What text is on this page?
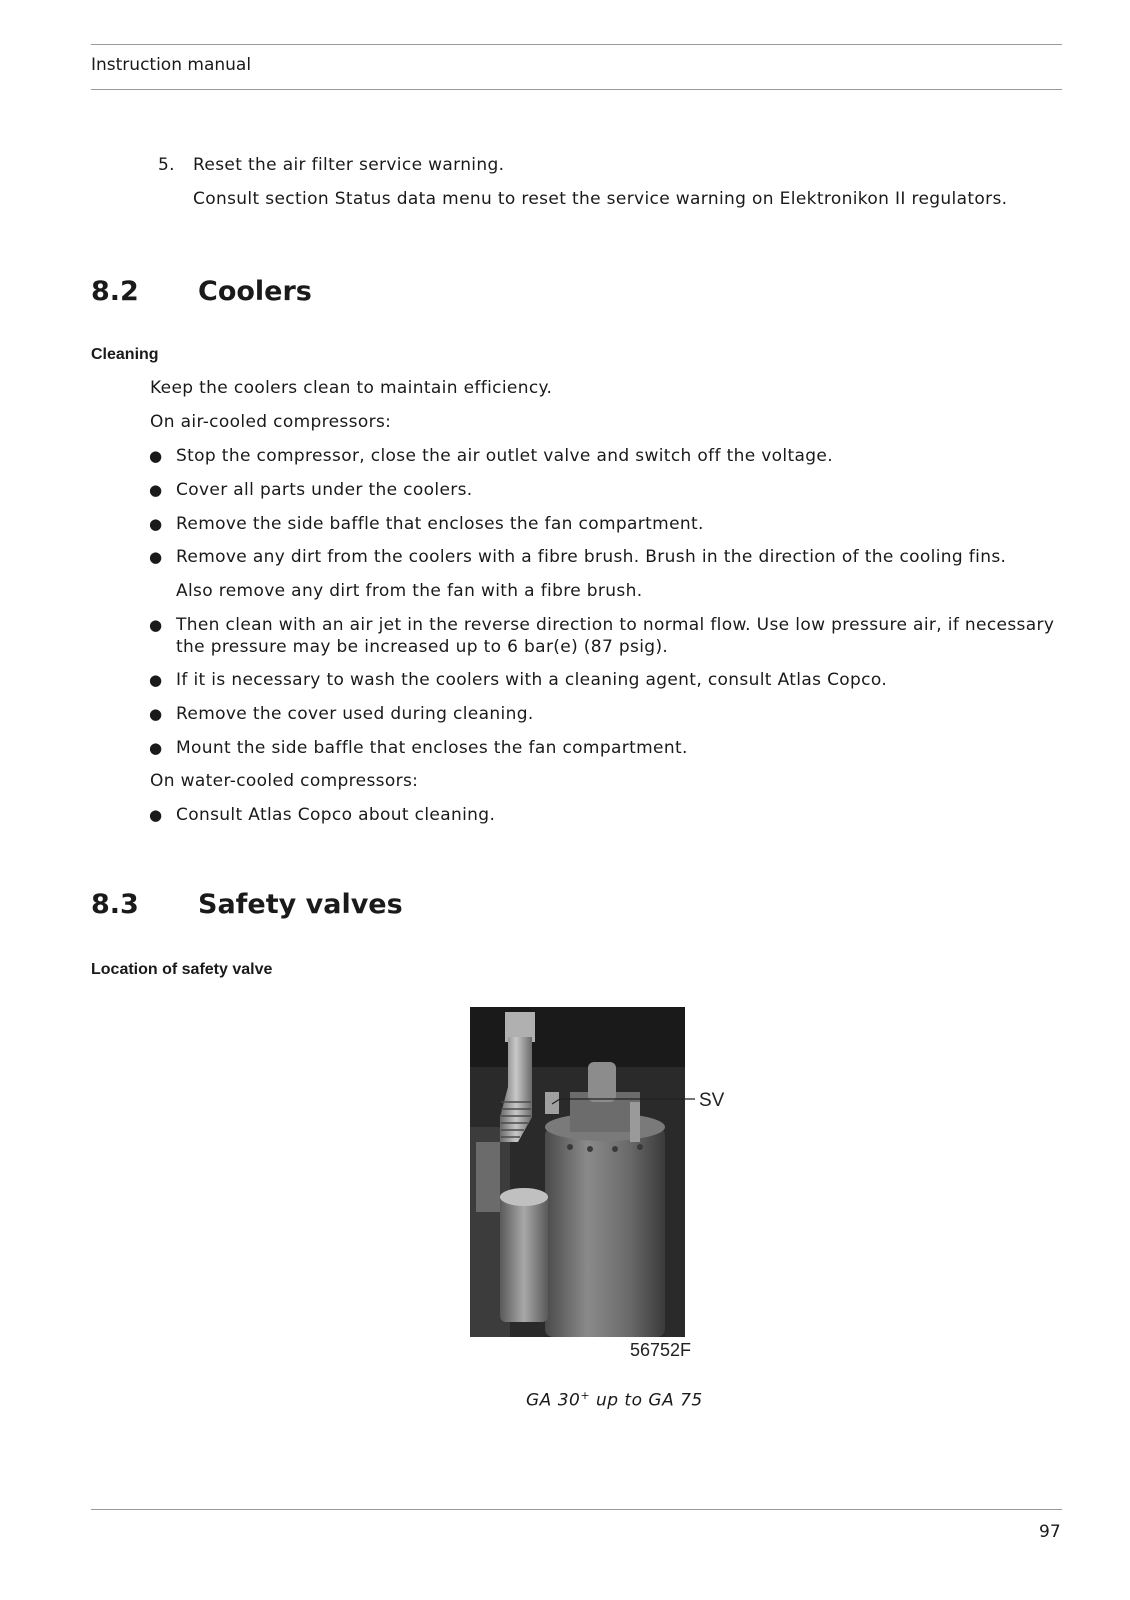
Instruction manual
5. Reset the air filter service warning.
Consult section Status data menu to reset the service warning on Elektronikon II regulators.
8.2 Coolers
Cleaning
Keep the coolers clean to maintain efficiency.
On air-cooled compressors:
● Stop the compressor, close the air outlet valve and switch off the voltage.
● Cover all parts under the coolers.
● Remove the side baffle that encloses the fan compartment.
● Remove any dirt from the coolers with a fibre brush. Brush in the direction of the cooling fins.
Also remove any dirt from the fan with a fibre brush.
● Then clean with an air jet in the reverse direction to normal flow. Use low pressure air, if necessary
the pressure may be increased up to 6 bar(e) (87 psig).
● If it is necessary to wash the coolers with a cleaning agent, consult Atlas Copco.
● Remove the cover used during cleaning.
● Mount the side baffle that encloses the fan compartment.
On water-cooled compressors:
● Consult Atlas Copco about cleaning.
8.3 Safety valves
Location of safety valve
SV
56752F
GA 30+ up to GA 75
97
